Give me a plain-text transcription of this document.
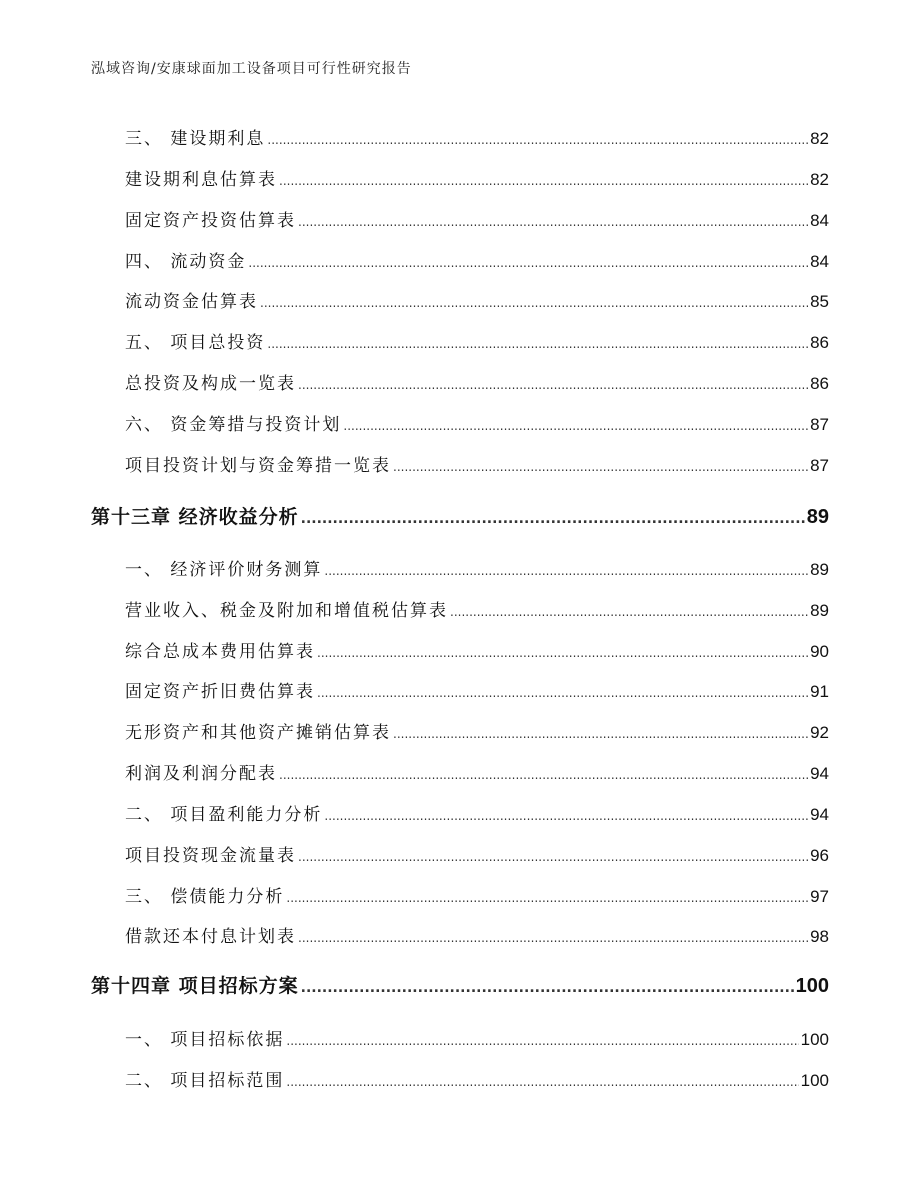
泓域咨询/安康球面加工设备项目可行性研究报告
三、 建设期利息 .....	82
建设期利息估算表 .....	82
固定资产投资估算表 .....	84
四、 流动资金 .....	84
流动资金估算表 .....	85
五、 项目总投资 .....	86
总投资及构成一览表 .....	86
六、 资金筹措与投资计划 .....	87
项目投资计划与资金筹措一览表 .....	87
第十三章 经济收益分析 .....	89
一、 经济评价财务测算 .....	89
营业收入、税金及附加和增值税估算表 .....	89
综合总成本费用估算表 .....	90
固定资产折旧费估算表 .....	91
无形资产和其他资产摊销估算表 .....	92
利润及利润分配表 .....	94
二、 项目盈利能力分析 .....	94
项目投资现金流量表 .....	96
三、 偿债能力分析 .....	97
借款还本付息计划表 .....	98
第十四章 项目招标方案 .....	100
一、 项目招标依据 .....	100
二、 项目招标范围 .....	100
